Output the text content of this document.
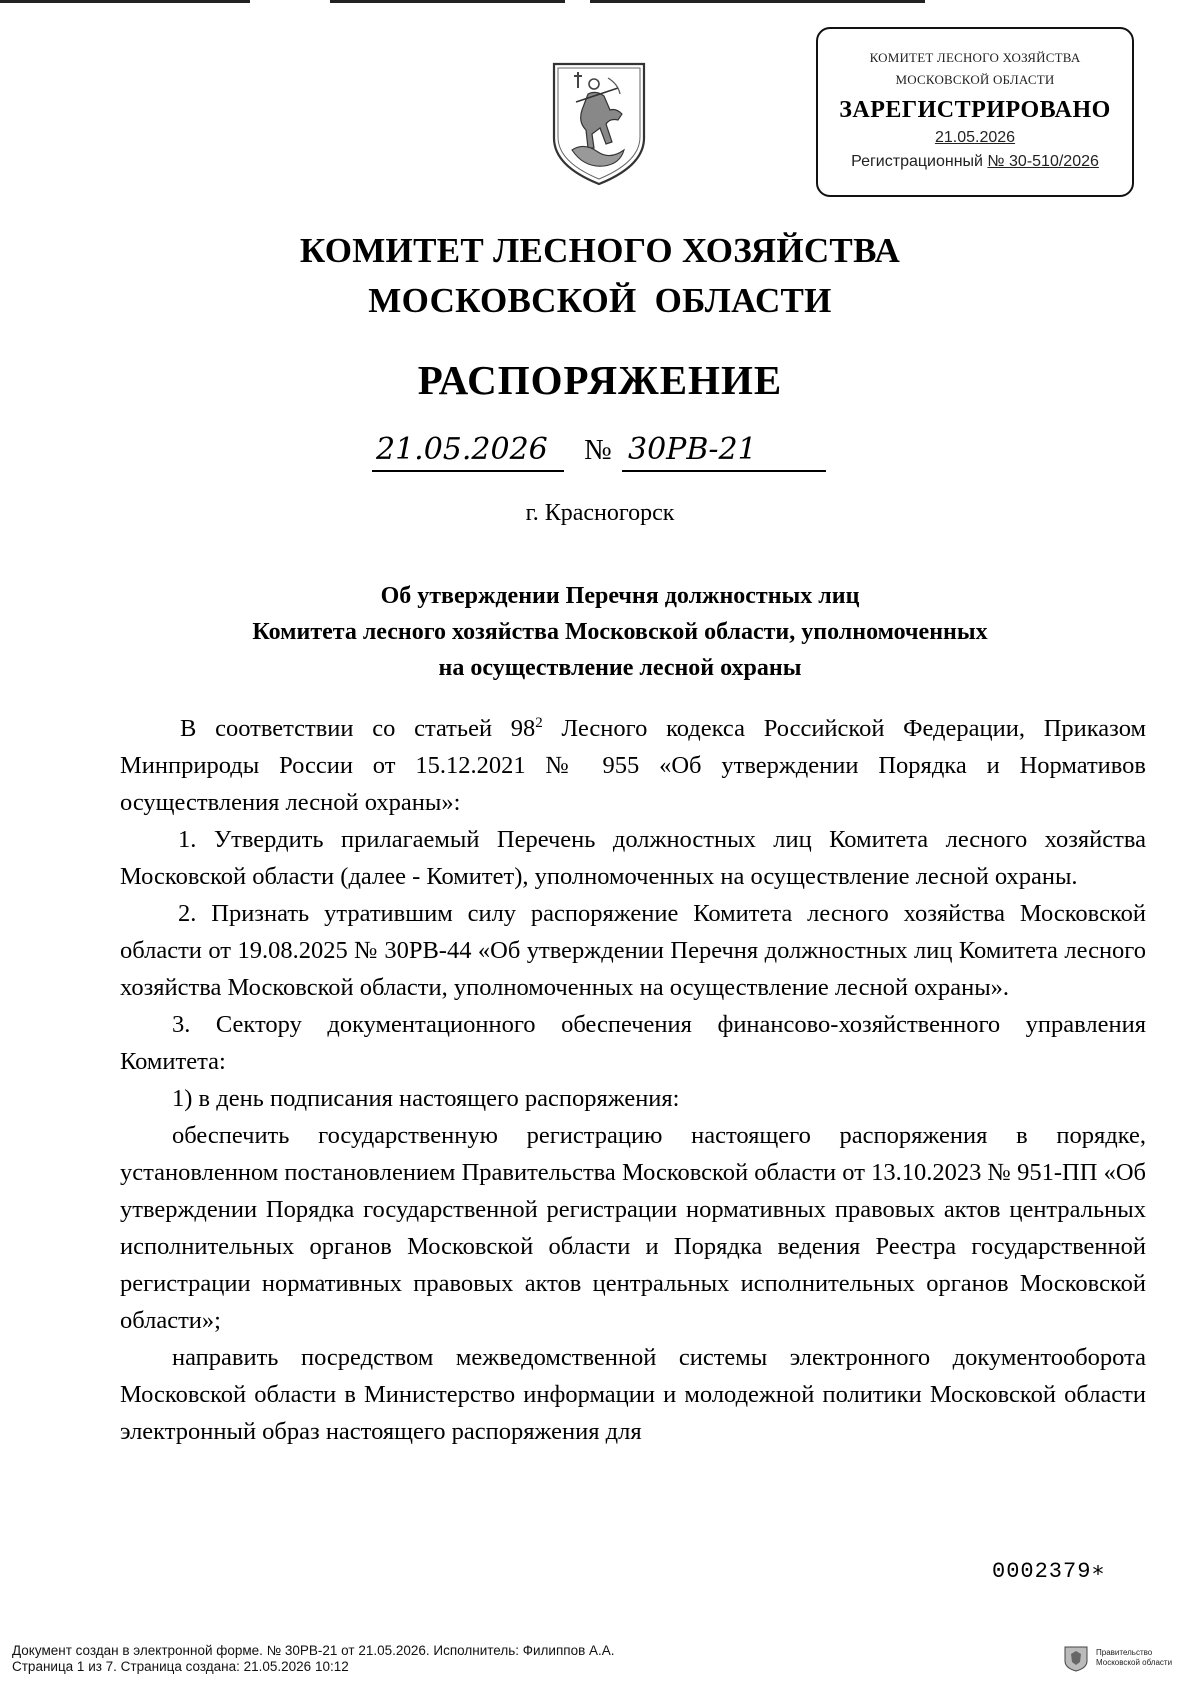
КОМИТЕТ ЛЕСНОГО ХОЗЯЙСТВА
МОСКОВСКОЙ ОБЛАСТИ
ЗАРЕГИСТРИРОВАНО
21.05.2026
Регистрационный № 30-510/2026
КОМИТЕТ ЛЕСНОГО ХОЗЯЙСТВА
МОСКОВСКОЙ  ОБЛАСТИ
РАСПОРЯЖЕНИЕ
21.05.2026 № 30РВ-21
г. Красногорск
Об утверждении Перечня должностных лиц
Комитета лесного хозяйства Московской области, уполномоченных
на осуществление лесной охраны

В соответствии со статьей $98^2$ Лесного кодекса Российской Федерации, Приказом Минприроды России от 15.12.2021 № 955 «Об утверждении Порядка и Нормативов осуществления лесной охраны»:

1. Утвердить прилагаемый Перечень должностных лиц Комитета лесного хозяйства Московской области (далее - Комитет), уполномоченных на осуществление лесной охраны.

2. Признать утратившим силу распоряжение Комитета лесного хозяйства Московской области от 19.08.2025 № 30РВ-44 «Об утверждении Перечня должностных лиц Комитета лесного хозяйства Московской области, уполномоченных на осуществление лесной охраны».

3. Сектору документационного обеспечения финансово-хозяйственного управления Комитета:

1) в день подписания настоящего распоряжения:

обеспечить государственную регистрацию настоящего распоряжения в порядке, установленном постановлением Правительства Московской области от 13.10.2023 № 951-ПП «Об утверждении Порядка государственной регистрации нормативных правовых актов центральных исполнительных органов Московской области и Порядка ведения Реестра государственной регистрации нормативных правовых актов центральных исполнительных органов Московской области»;

направить посредством межведомственной системы электронного документооборота Московской области в Министерство информации и молодежной политики Московской области электронный образ настоящего распоряжения для

0002379∗
Документ создан в электронной форме. № 30РВ-21 от 21.05.2026. Исполнитель: Филиппов А.А.
Страница 1 из 7. Страница создана: 21.05.2026 10:12
Правительство
Московской области
